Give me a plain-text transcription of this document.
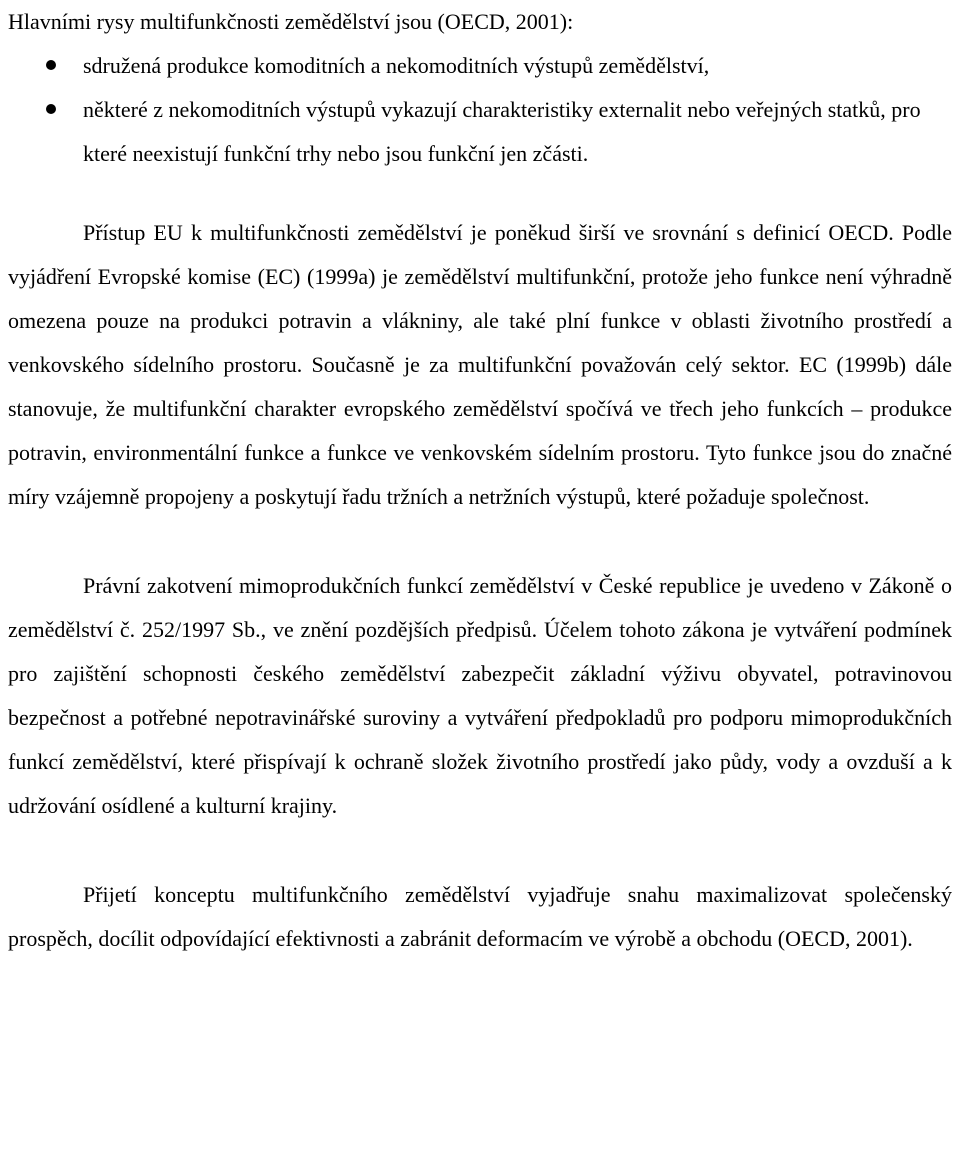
Hlavními rysy multifunkčnosti zemědělství jsou (OECD, 2001):

sdružená produkce komoditních a nekomoditních výstupů zemědělství,
některé z nekomoditních výstupů vykazují charakteristiky externalit nebo veřejných statků, pro které neexistují funkční trhy nebo jsou funkční jen zčásti.

Přístup EU k multifunkčnosti zemědělství je poněkud širší ve srovnání s definicí OECD. Podle vyjádření Evropské komise (EC) (1999a) je zemědělství multifunkční, protože jeho funkce není výhradně omezena pouze na produkci potravin a vlákniny, ale také plní funkce v oblasti životního prostředí a venkovského sídelního prostoru. Současně je za multifunkční považován celý sektor. EC (1999b) dále stanovuje, že multifunkční charakter evropského zemědělství spočívá ve třech jeho funkcích – produkce potravin, environmentální funkce a funkce ve venkovském sídelním prostoru. Tyto funkce jsou do značné míry vzájemně propojeny a poskytují řadu tržních a netržních výstupů, které požaduje společnost.

Právní zakotvení mimoprodukčních funkcí zemědělství v České republice je uvedeno v Zákoně o zemědělství č. 252/1997 Sb., ve znění pozdějších předpisů. Účelem tohoto zákona je vytváření podmínek pro zajištění schopnosti českého zemědělství zabezpečit základní výživu obyvatel, potravinovou bezpečnost a potřebné nepotravinářské suroviny a vytváření předpokladů pro podporu mimoprodukčních funkcí zemědělství, které přispívají k ochraně složek životního prostředí jako půdy, vody a ovzduší a k udržování osídlené a kulturní krajiny.

Přijetí konceptu multifunkčního zemědělství vyjadřuje snahu maximalizovat společenský prospěch, docílit odpovídající efektivnosti a zabránit deformacím ve výrobě a obchodu (OECD, 2001).
